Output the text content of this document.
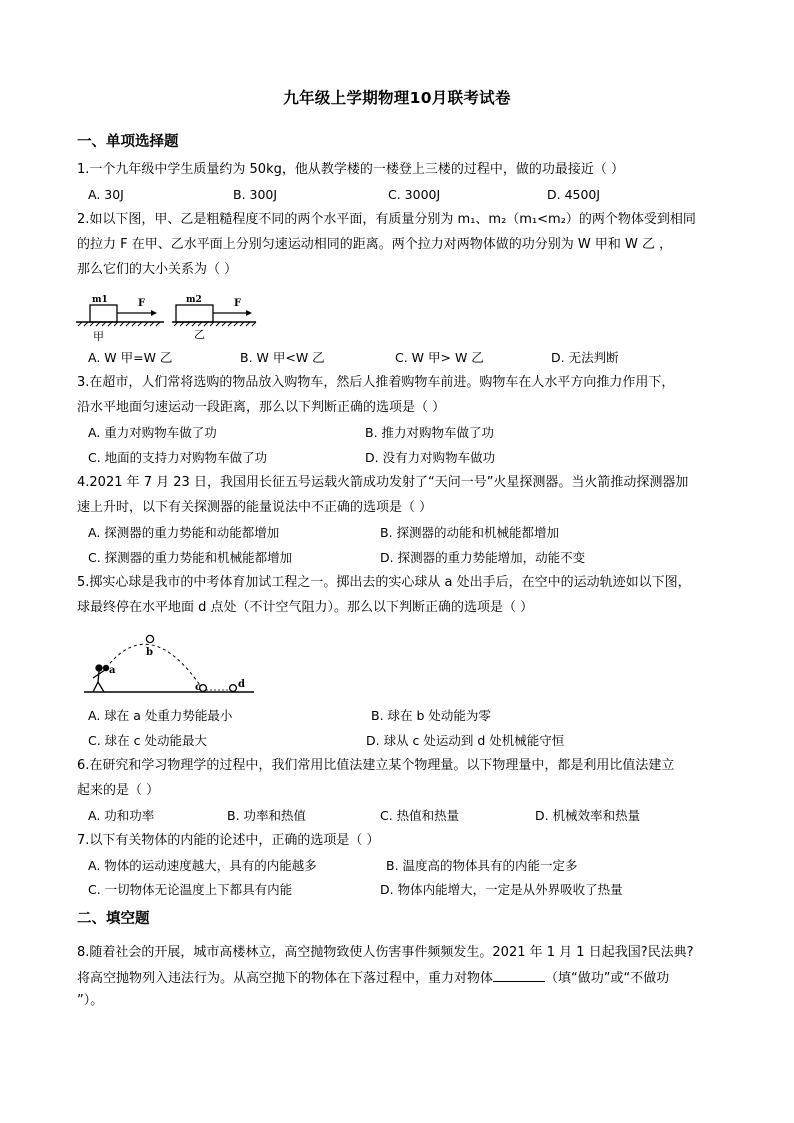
九年级上学期物理10月联考试卷
一、单项选择题
1.一个九年级中学生质量约为 50kg，他从教学楼的一楼登上三楼的过程中，做的功最接近（ ）
A. 30J	B. 300J	C. 3000J	D. 4500J
2.如以下图，甲、乙是粗糙程度不同的两个水平面，有质量分别为 m₁、m₂（m₁<m₂）的两个物体受到相同
的拉力 F 在甲、乙水平面上分别匀速运动相同的距离。两个拉力对两物体做的功分别为 W 甲和 W 乙 ，
那么它们的大小关系为（ ）
m1	F
甲
m2	F
乙
A. W 甲=W 乙	B. W 甲<W 乙	C. W 甲> W 乙	D. 无法判断
3.在超市，人们常将选购的物品放入购物车，然后人推着购物车前进。购物车在人水平方向推力作用下，
沿水平地面匀速运动一段距离，那么以下判断正确的选项是（ ）
A. 重力对购物车做了功	B. 推力对购物车做了功
C. 地面的支持力对购物车做了功	D. 没有力对购物车做功
4.2021 年 7 月 23 日，我国用长征五号运载火箭成功发射了“天问一号”火星探测器。当火箭推动探测器加
速上升时，以下有关探测器的能量说法中不正确的选项是（ ）
A. 探测器的重力势能和动能都增加	B. 探测器的动能和机械能都增加
C. 探测器的重力势能和机械能都增加	D. 探测器的重力势能增加，动能不变
5.掷实心球是我市的中考体育加试工程之一。掷出去的实心球从 a 处出手后，在空中的运动轨迹如以下图，
球最终停在水平地面 d 点处（不计空气阻力）。那么以下判断正确的选项是（ ）
a
b
c	d
A. 球在 a 处重力势能最小	B. 球在 b 处动能为零
C. 球在 c 处动能最大	D. 球从 c 处运动到 d 处机械能守恒
6.在研究和学习物理学的过程中，我们常用比值法建立某个物理量。以下物理量中，都是利用比值法建立
起来的是（ ）
A. 功和功率	B. 功率和热值	C. 热值和热量	D. 机械效率和热量
7.以下有关物体的内能的论述中，正确的选项是（ ）
A. 物体的运动速度越大，具有的内能越多	B. 温度高的物体具有的内能一定多
C. 一切物体无论温度上下都具有内能	D. 物体内能增大，一定是从外界吸收了热量
二、填空题
8.随着社会的开展，城市高楼林立，高空抛物致使人伤害事件频频发生。2021 年 1 月 1 日起我国?民法典?
将高空抛物列入违法行为。从高空抛下的物体在下落过程中，重力对物体	（填“做功”或“不做功
”）。
